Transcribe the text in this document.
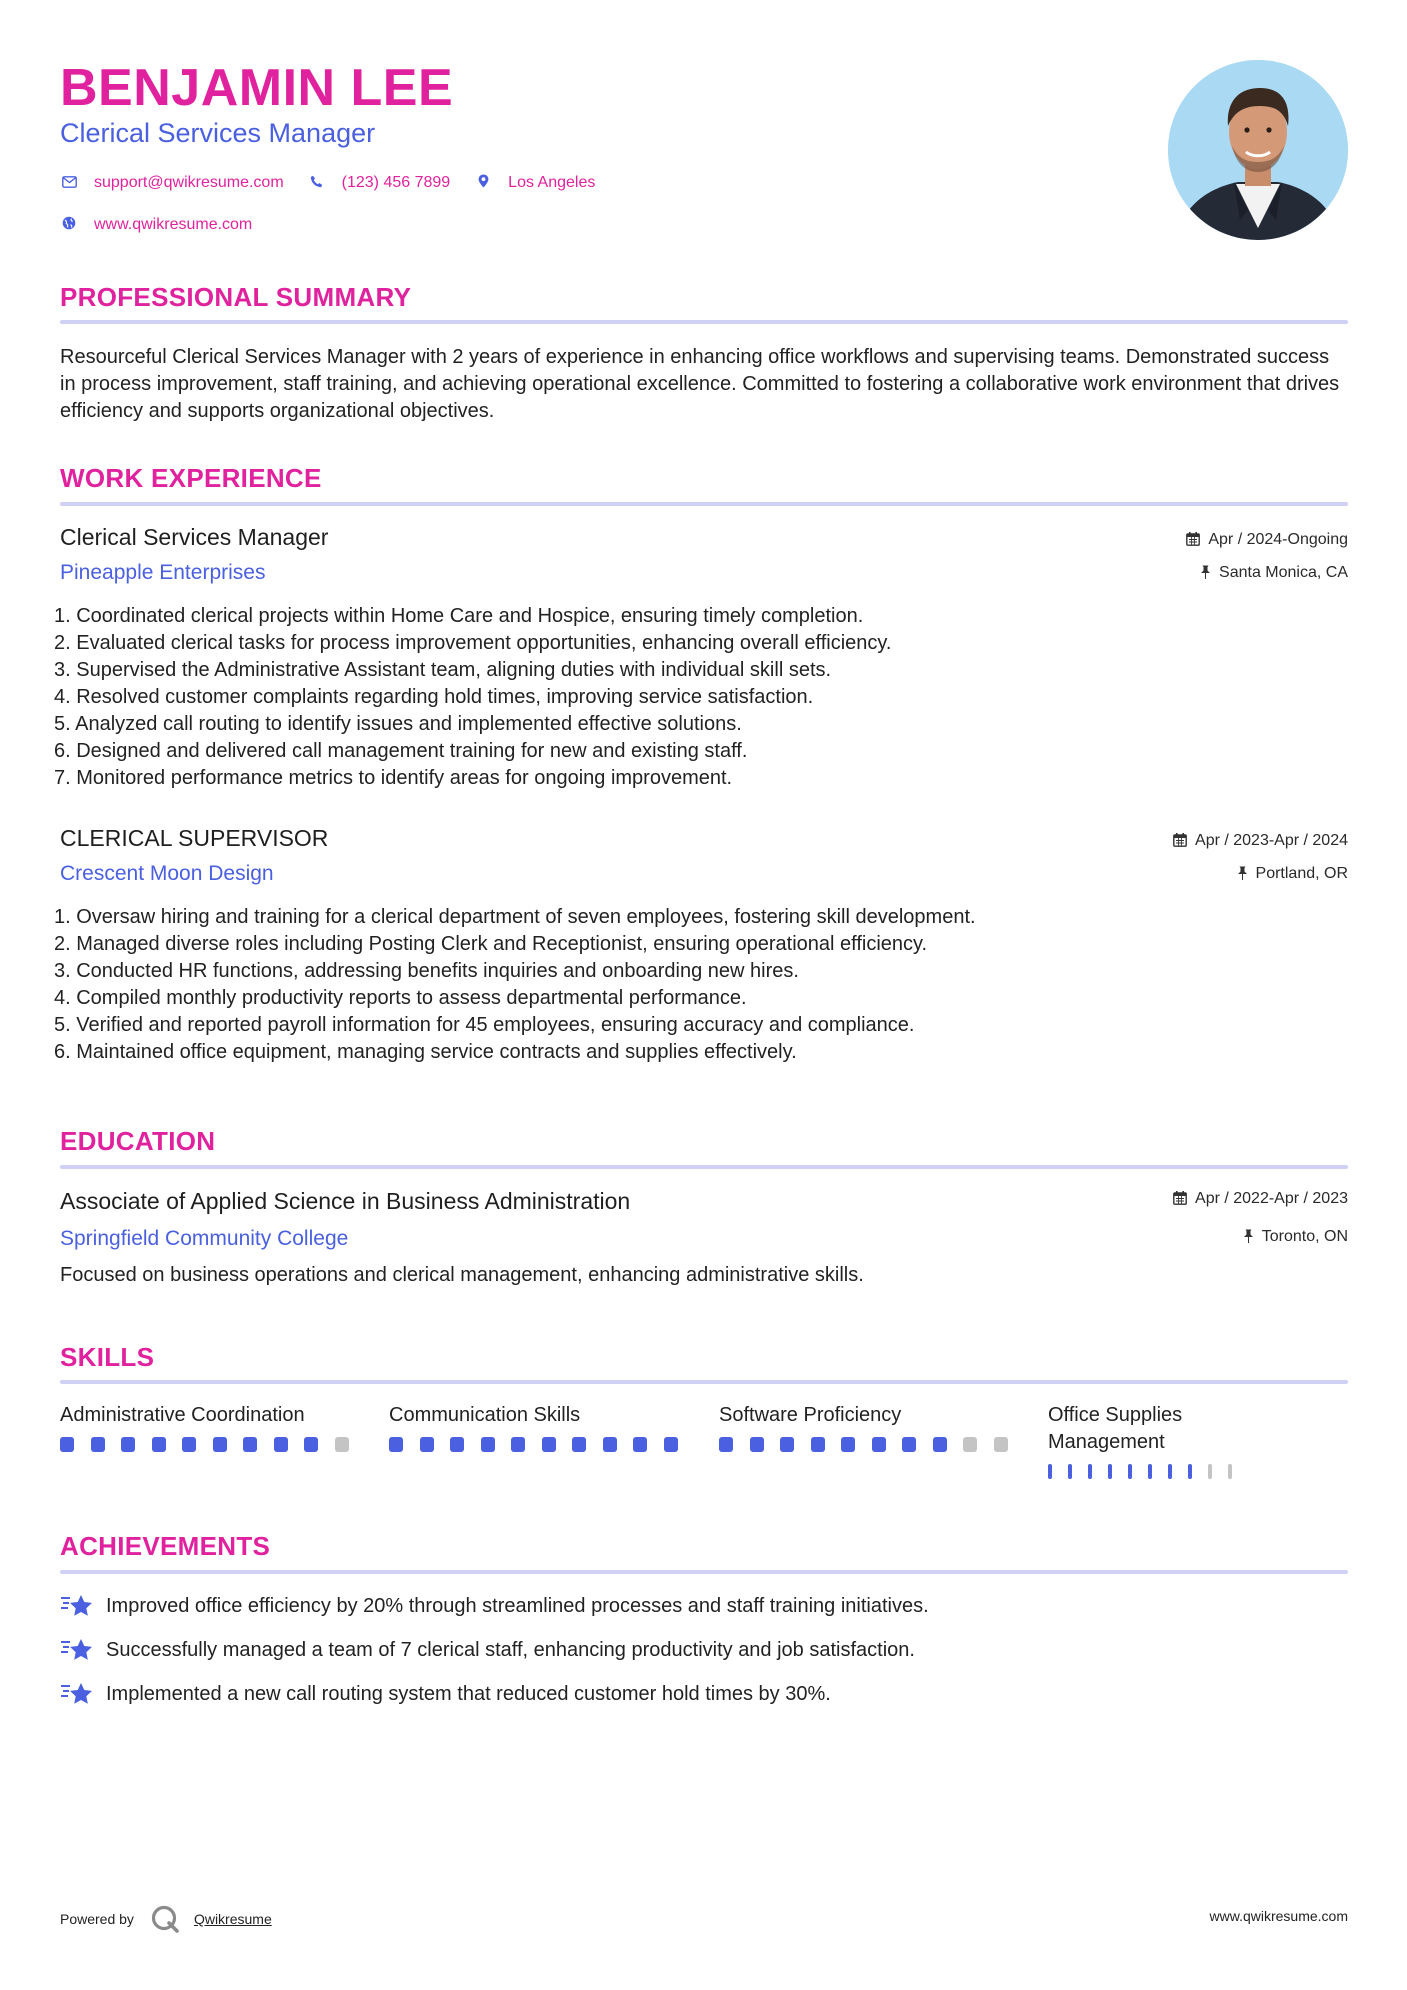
BENJAMIN LEE
Clerical Services Manager
support@qwikresume.com	(123) 456 7899	Los Angeles
www.qwikresume.com
PROFESSIONAL SUMMARY
Resourceful Clerical Services Manager with 2 years of experience in enhancing office workflows and supervising teams. Demonstrated success in process improvement, staff training, and achieving operational excellence. Committed to fostering a collaborative work environment that drives efficiency and supports organizational objectives.
WORK EXPERIENCE
Clerical Services Manager
Pineapple Enterprises
Apr / 2024-Ongoing
Santa Monica, CA
1. Coordinated clerical projects within Home Care and Hospice, ensuring timely completion.
2. Evaluated clerical tasks for process improvement opportunities, enhancing overall efficiency.
3. Supervised the Administrative Assistant team, aligning duties with individual skill sets.
4. Resolved customer complaints regarding hold times, improving service satisfaction.
5. Analyzed call routing to identify issues and implemented effective solutions.
6. Designed and delivered call management training for new and existing staff.
7. Monitored performance metrics to identify areas for ongoing improvement.
CLERICAL SUPERVISOR
Crescent Moon Design
Apr / 2023-Apr / 2024
Portland, OR
1. Oversaw hiring and training for a clerical department of seven employees, fostering skill development.
2. Managed diverse roles including Posting Clerk and Receptionist, ensuring operational efficiency.
3. Conducted HR functions, addressing benefits inquiries and onboarding new hires.
4. Compiled monthly productivity reports to assess departmental performance.
5. Verified and reported payroll information for 45 employees, ensuring accuracy and compliance.
6. Maintained office equipment, managing service contracts and supplies effectively.
EDUCATION
Associate of Applied Science in Business Administration
Springfield Community College
Apr / 2022-Apr / 2023
Toronto, ON
Focused on business operations and clerical management, enhancing administrative skills.
SKILLS
Administrative Coordination	Communication Skills	Software Proficiency	Office Supplies Management
ACHIEVEMENTS
Improved office efficiency by 20% through streamlined processes and staff training initiatives.
Successfully managed a team of 7 clerical staff, enhancing productivity and job satisfaction.
Implemented a new call routing system that reduced customer hold times by 30%.
Powered by	Qwikresume	www.qwikresume.com
